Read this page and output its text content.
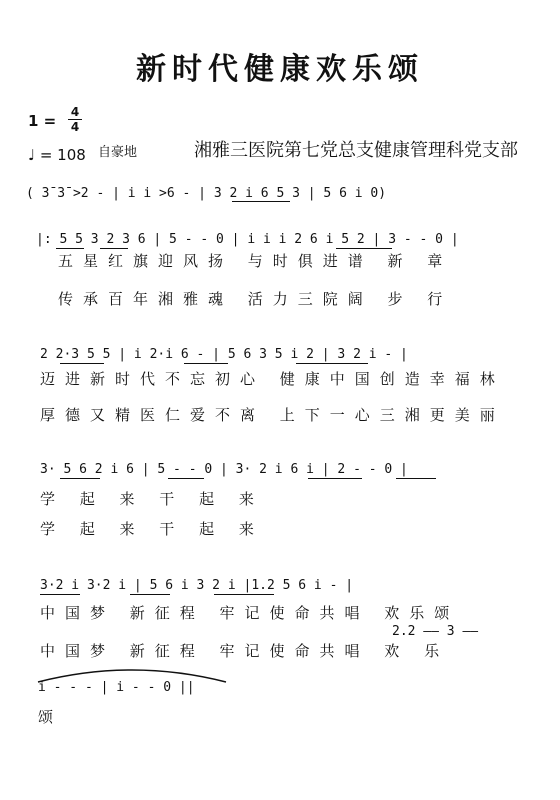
新时代健康欢乐颂
1 = 4
4
♩ = 108 自豪地	湘雅三医院第七党总支健康管理科党支部
( 3̄ 3̄ >2 - | i i >6 - | 3 2 i 6 5 3 | 5 6 i 0)
|: 5 5 3 2 3 6 | 5 - - 0 | i i i 2 6 i 5 2 | 3 - - 0 |
五星红旗迎风扬 与时俱进谱 新 章
传承百年湘雅魂 活力三院阔 步 行
2 2·3 5 5 | i 2·i 6 - | 5 6 3 5 i 2 | 3 2 i - |
迈进新时代不忘初心 健康中国创造幸福林
厚德又精医仁爱不离 上下一心三湘更美丽
3· 5 6 2 i 6 | 5 - - 0 | 3· 2 i 6 i | 2 - - 0 |
学 起 来 干 起 来
学 起 来 干 起 来
3·2 i 3·2 i | 5 6 i 3 2 i |1.2 5 6 i - |
中国梦 新征程 牢记使命共唱 欢乐颂
中国梦 新征程 牢记使命共唱 欢 乐
2.2 —— 3 ——
i - - - | i - - 0 ||
颂
